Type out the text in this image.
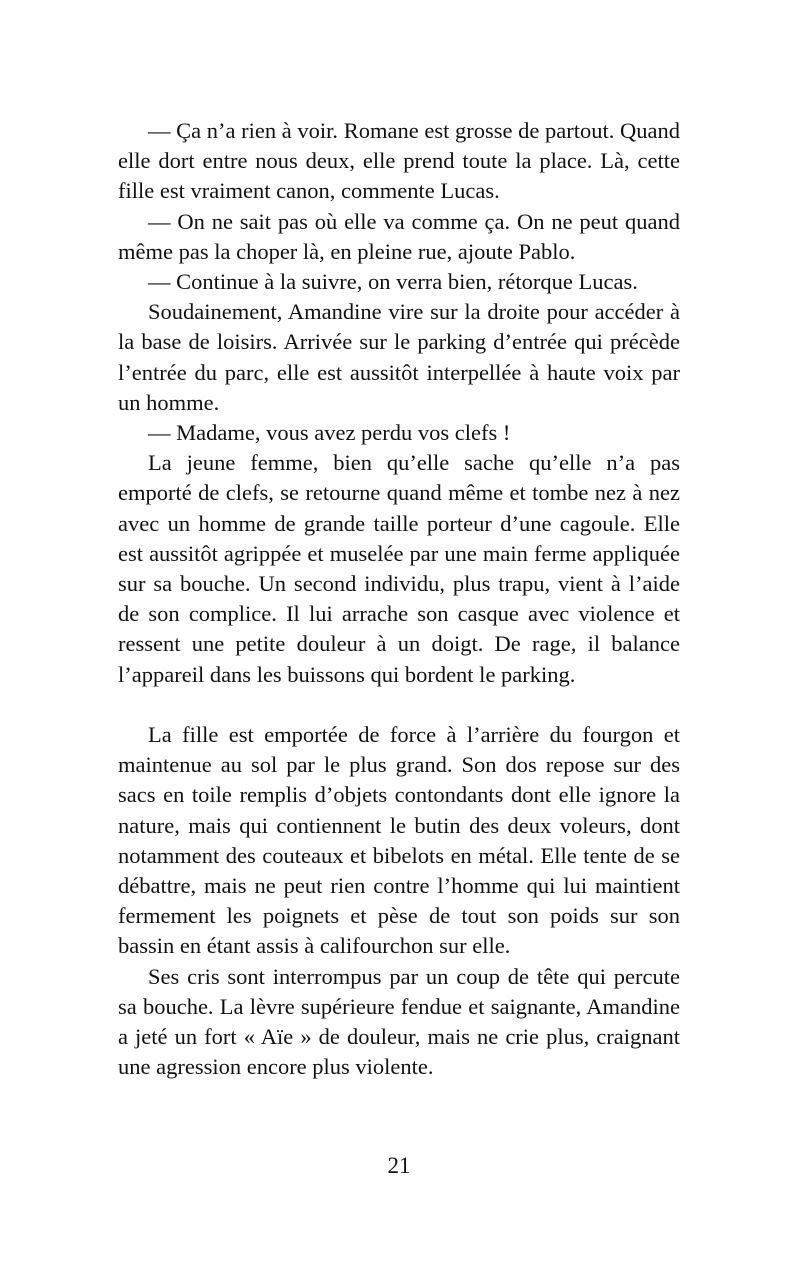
— Ça n’a rien à voir. Romane est grosse de partout. Quand elle dort entre nous deux, elle prend toute la place. Là, cette fille est vraiment canon, commente Lucas.

— On ne sait pas où elle va comme ça. On ne peut quand même pas la choper là, en pleine rue, ajoute Pablo.

— Continue à la suivre, on verra bien, rétorque Lucas.

Soudainement, Amandine vire sur la droite pour accéder à la base de loisirs. Arrivée sur le parking d’entrée qui précède l’entrée du parc, elle est aussitôt interpellée à haute voix par un homme.

— Madame, vous avez perdu vos clefs !

La jeune femme, bien qu’elle sache qu’elle n’a pas emporté de clefs, se retourne quand même et tombe nez à nez avec un homme de grande taille porteur d’une cagoule. Elle est aussitôt agrippée et muselée par une main ferme appliquée sur sa bouche. Un second individu, plus trapu, vient à l’aide de son complice. Il lui arrache son casque avec violence et ressent une petite douleur à un doigt. De rage, il balance l’appareil dans les buissons qui bordent le parking.

La fille est emportée de force à l’arrière du fourgon et maintenue au sol par le plus grand. Son dos repose sur des sacs en toile remplis d’objets contondants dont elle ignore la nature, mais qui contiennent le butin des deux voleurs, dont notamment des couteaux et bibelots en métal. Elle tente de se débattre, mais ne peut rien contre l’homme qui lui maintient fermement les poignets et pèse de tout son poids sur son bassin en étant assis à califourchon sur elle.

Ses cris sont interrompus par un coup de tête qui percute sa bouche. La lèvre supérieure fendue et saignante, Amandine a jeté un fort « Aïe » de douleur, mais ne crie plus, craignant une agression encore plus violente.

21
